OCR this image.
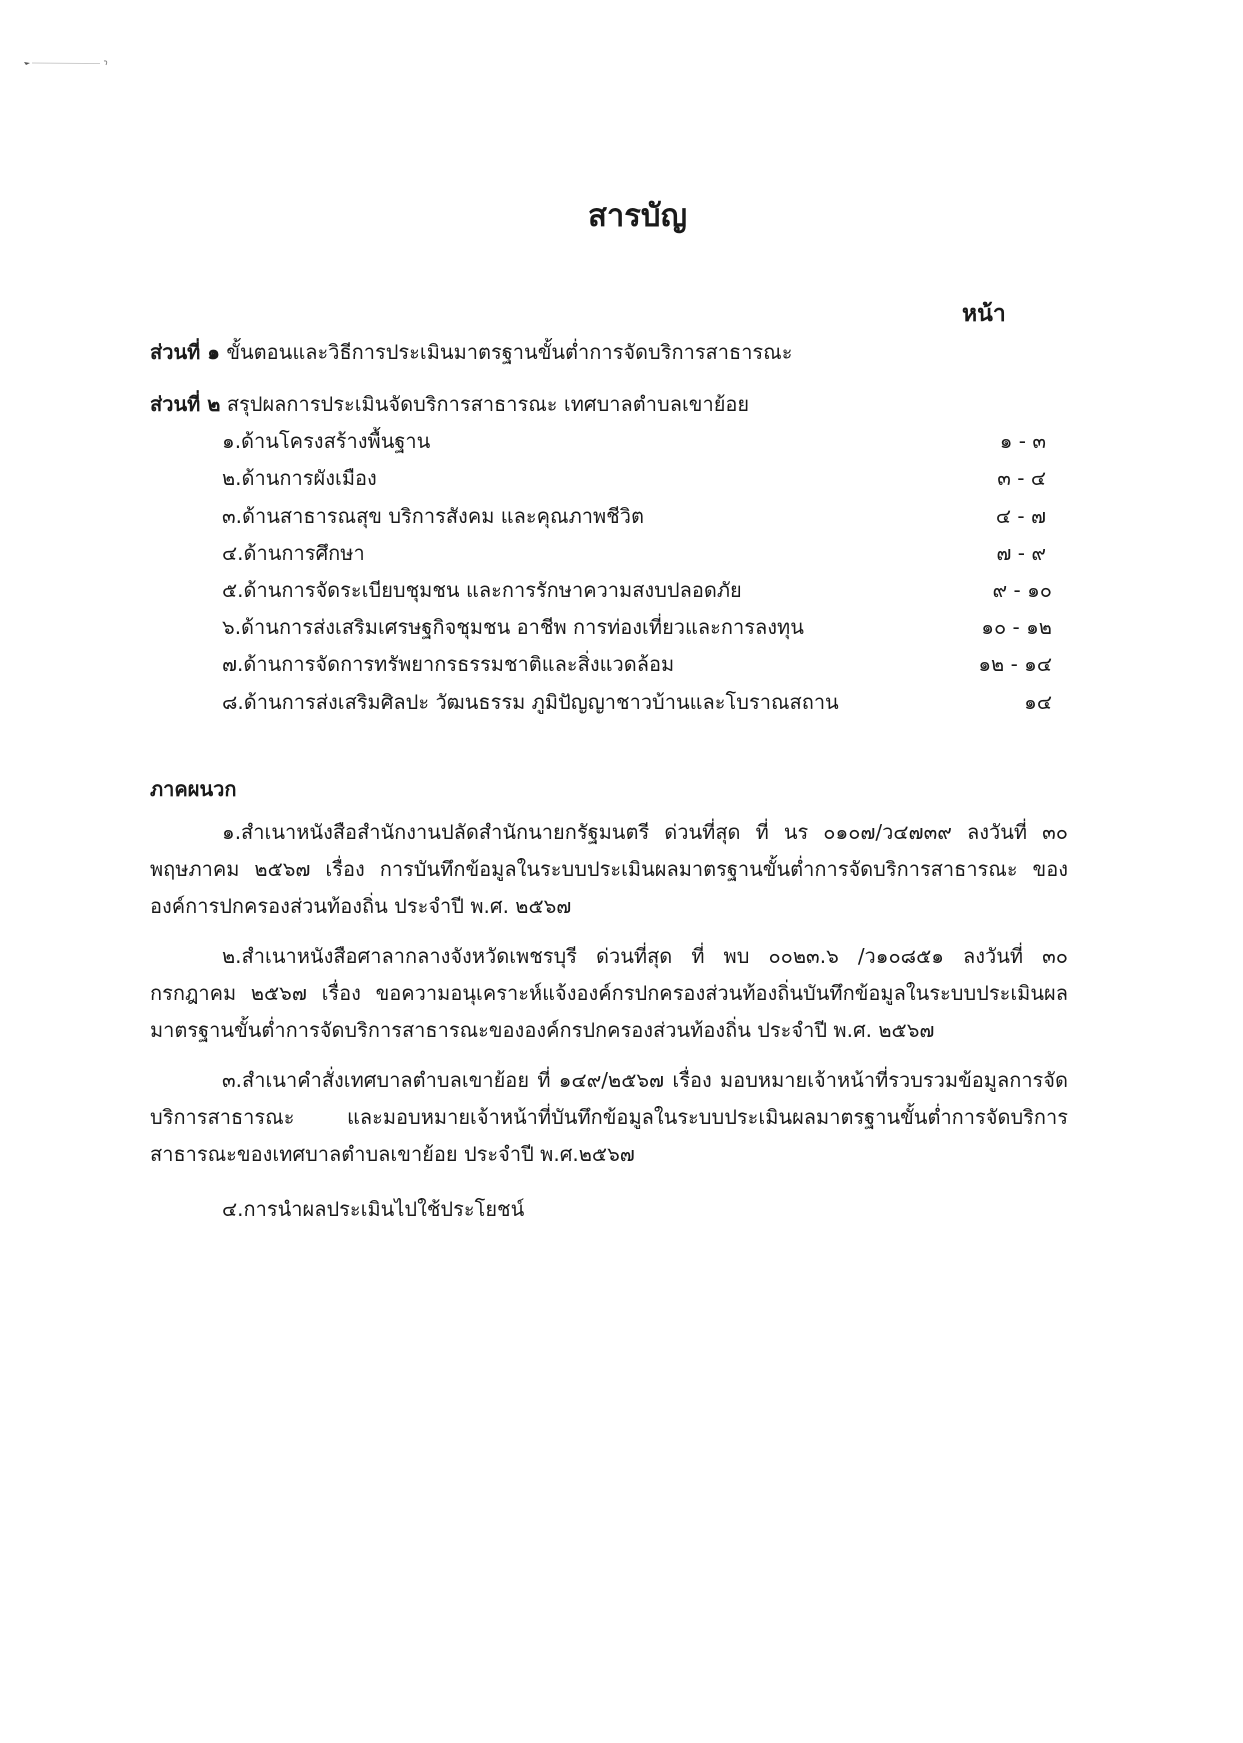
สารบัญ
หน้า
ส่วนที่ ๑ ขั้นตอนและวิธีการประเมินมาตรฐานขั้นต่ำการจัดบริการสาธารณะ
ส่วนที่ ๒ สรุปผลการประเมินจัดบริการสาธารณะ เทศบาลตำบลเขาย้อย
๑.ด้านโครงสร้างพื้นฐาน	๑ - ๓
๒.ด้านการผังเมือง	๓ - ๔
๓.ด้านสาธารณสุข บริการสังคม และคุณภาพชีวิต	๔ - ๗
๔.ด้านการศึกษา	๗ - ๙
๕.ด้านการจัดระเบียบชุมชน และการรักษาความสงบปลอดภัย	๙ - ๑๐
๖.ด้านการส่งเสริมเศรษฐกิจชุมชน อาชีพ การท่องเที่ยวและการลงทุน	๑๐ - ๑๒
๗.ด้านการจัดการทรัพยากรธรรมชาติและสิ่งแวดล้อม	๑๒ - ๑๔
๘.ด้านการส่งเสริมศิลปะ วัฒนธรรม ภูมิปัญญาชาวบ้านและโบราณสถาน	๑๔
ภาคผนวก

๑.สำเนาหนังสือสำนักงานปลัดสำนักนายกรัฐมนตรี ด่วนที่สุด ที่ นร ๐๑๐๗/ว๔๗๓๙ ลงวันที่ ๓๐ พฤษภาคม ๒๕๖๗ เรื่อง การบันทึกข้อมูลในระบบประเมินผลมาตรฐานขั้นต่ำการจัดบริการสาธารณะ ขององค์การปกครองส่วนท้องถิ่น ประจำปี พ.ศ. ๒๕๖๗

๒.สำเนาหนังสือศาลากลางจังหวัดเพชรบุรี ด่วนที่สุด ที่ พบ ๐๐๒๓.๖ /ว๑๐๘๕๑ ลงวันที่ ๓๐ กรกฎาคม ๒๕๖๗ เรื่อง ขอความอนุเคราะห์แจ้งองค์กรปกครองส่วนท้องถิ่นบันทึกข้อมูลในระบบประเมินผลมาตรฐานขั้นต่ำการจัดบริการสาธารณะขององค์กรปกครองส่วนท้องถิ่น ประจำปี พ.ศ. ๒๕๖๗

๓.สำเนาคำสั่งเทศบาลตำบลเขาย้อย ที่ ๑๔๙/๒๕๖๗ เรื่อง มอบหมายเจ้าหน้าที่รวบรวมข้อมูลการจัดบริการสาธารณะ และมอบหมายเจ้าหน้าที่บันทึกข้อมูลในระบบประเมินผลมาตรฐานขั้นต่ำการจัดบริการสาธารณะของเทศบาลตำบลเขาย้อย ประจำปี พ.ศ.๒๕๖๗

๔.การนำผลประเมินไปใช้ประโยชน์
